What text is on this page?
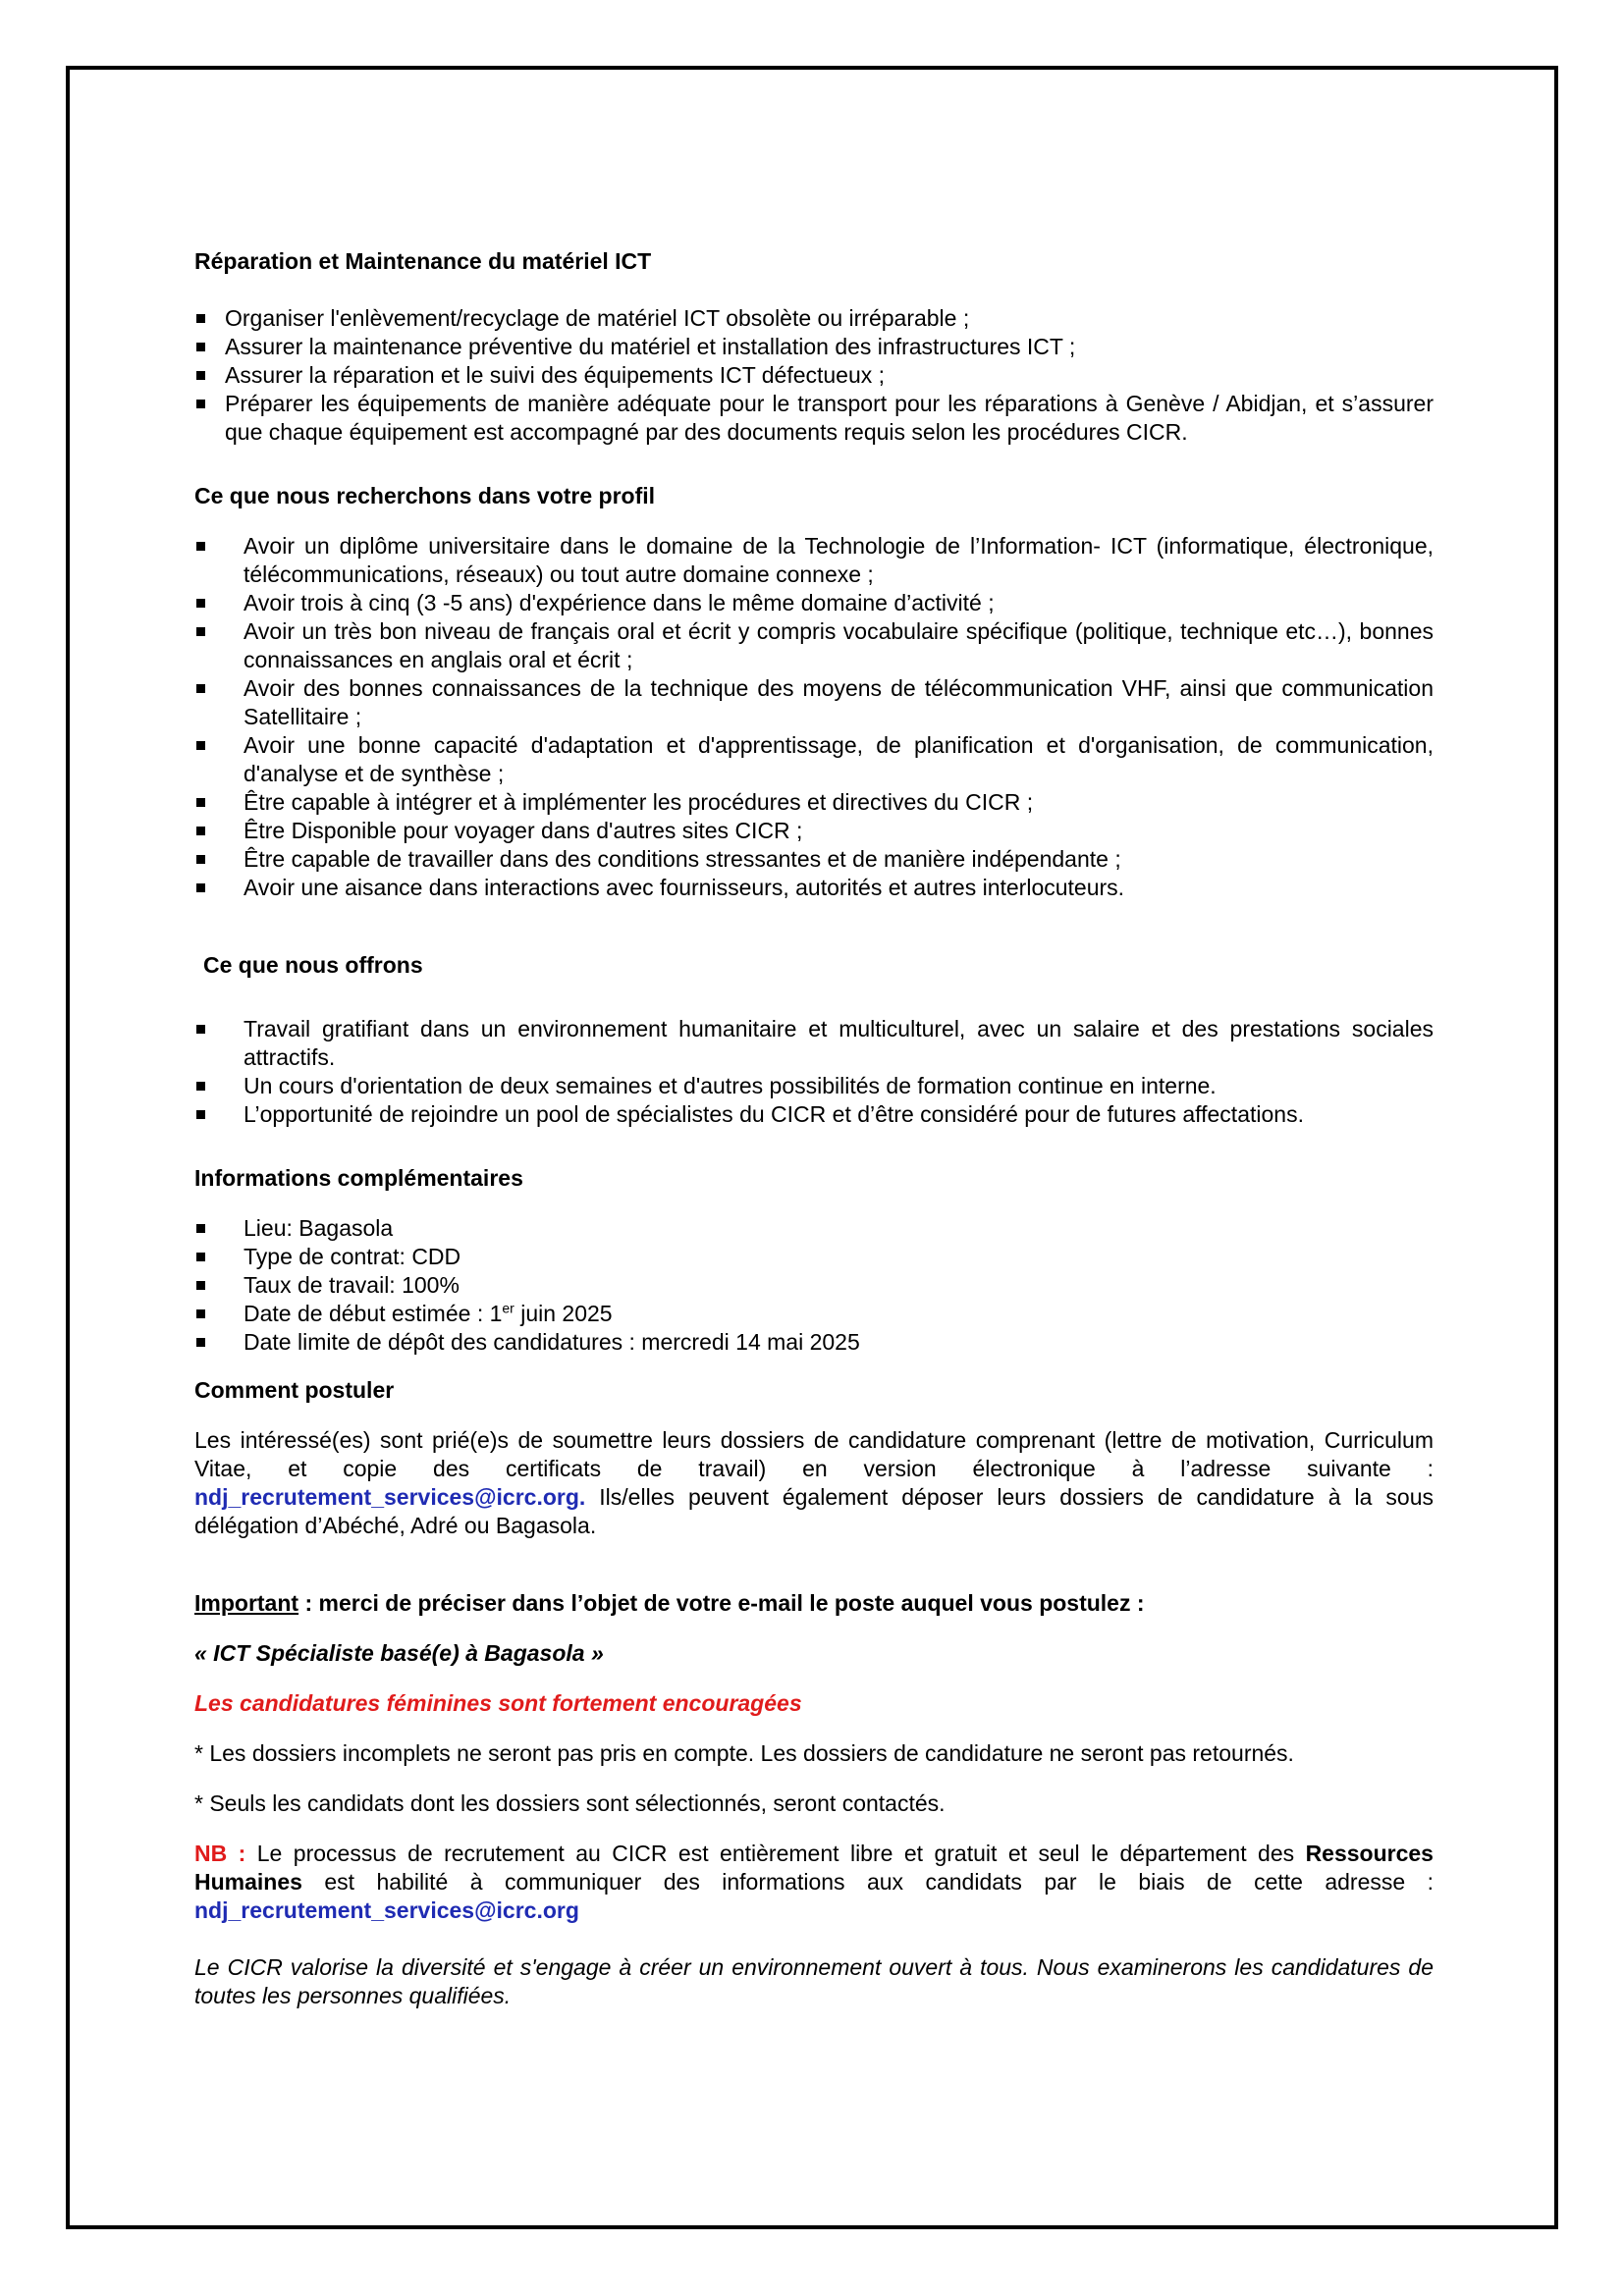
Réparation et Maintenance du matériel ICT

Organiser l'enlèvement/recyclage de matériel ICT obsolète ou irréparable ;
Assurer la maintenance préventive du matériel et installation des infrastructures ICT ;
Assurer la réparation et le suivi des équipements ICT défectueux ;
Préparer les équipements de manière adéquate pour le transport pour les réparations à Genève / Abidjan, et s’assurer que chaque équipement est accompagné par des documents requis selon les procédures CICR.

Ce que nous recherchons dans votre profil

Avoir un diplôme universitaire dans le domaine de la Technologie de l’Information- ICT (informatique, électronique, télécommunications, réseaux) ou tout autre domaine connexe ;
Avoir trois à cinq (3 -5 ans) d'expérience dans le même domaine d’activité ;
Avoir un très bon niveau de français oral et écrit y compris vocabulaire spécifique (politique, technique etc…), bonnes connaissances en anglais oral et écrit ;
Avoir des bonnes connaissances de la technique des moyens de télécommunication VHF, ainsi que communication Satellitaire ;
Avoir une bonne capacité d'adaptation et d'apprentissage, de planification et d'organisation, de communication, d'analyse et de synthèse ;
Être capable à intégrer et à implémenter les procédures et directives du CICR ;
Être Disponible pour voyager dans d'autres sites CICR ;
Être capable de travailler dans des conditions stressantes et de manière indépendante ;
Avoir une aisance dans interactions avec fournisseurs, autorités et autres interlocuteurs.

Ce que nous offrons

Travail gratifiant dans un environnement humanitaire et multiculturel, avec un salaire et des prestations sociales attractifs.
Un cours d'orientation de deux semaines et d'autres possibilités de formation continue en interne.
L’opportunité de rejoindre un pool de spécialistes du CICR et d’être considéré pour de futures affectations.

Informations complémentaires

Lieu: Bagasola
Type de contrat: CDD
Taux de travail: 100%
Date de début estimée : 1er juin 2025
Date limite de dépôt des candidatures : mercredi 14 mai 2025

Comment postuler

Les intéressé(es) sont prié(e)s de soumettre leurs dossiers de candidature comprenant (lettre de motivation, Curriculum Vitae, et copie des certificats de travail) en version électronique à l’adresse suivante : ndj_recrutement_services@icrc.org. Ils/elles peuvent également déposer leurs dossiers de candidature à la sous délégation d’Abéché, Adré ou Bagasola.

Important : merci de préciser dans l’objet de votre e-mail le poste auquel vous postulez :

« ICT Spécialiste basé(e) à Bagasola »

Les candidatures féminines sont fortement encouragées

* Les dossiers incomplets ne seront pas pris en compte. Les dossiers de candidature ne seront pas retournés.

* Seuls les candidats dont les dossiers sont sélectionnés, seront contactés.

NB : Le processus de recrutement au CICR est entièrement libre et gratuit et seul le département des Ressources Humaines est habilité à communiquer des informations aux candidats par le biais de cette adresse : ndj_recrutement_services@icrc.org

Le CICR valorise la diversité et s'engage à créer un environnement ouvert à tous. Nous examinerons les candidatures de toutes les personnes qualifiées.
